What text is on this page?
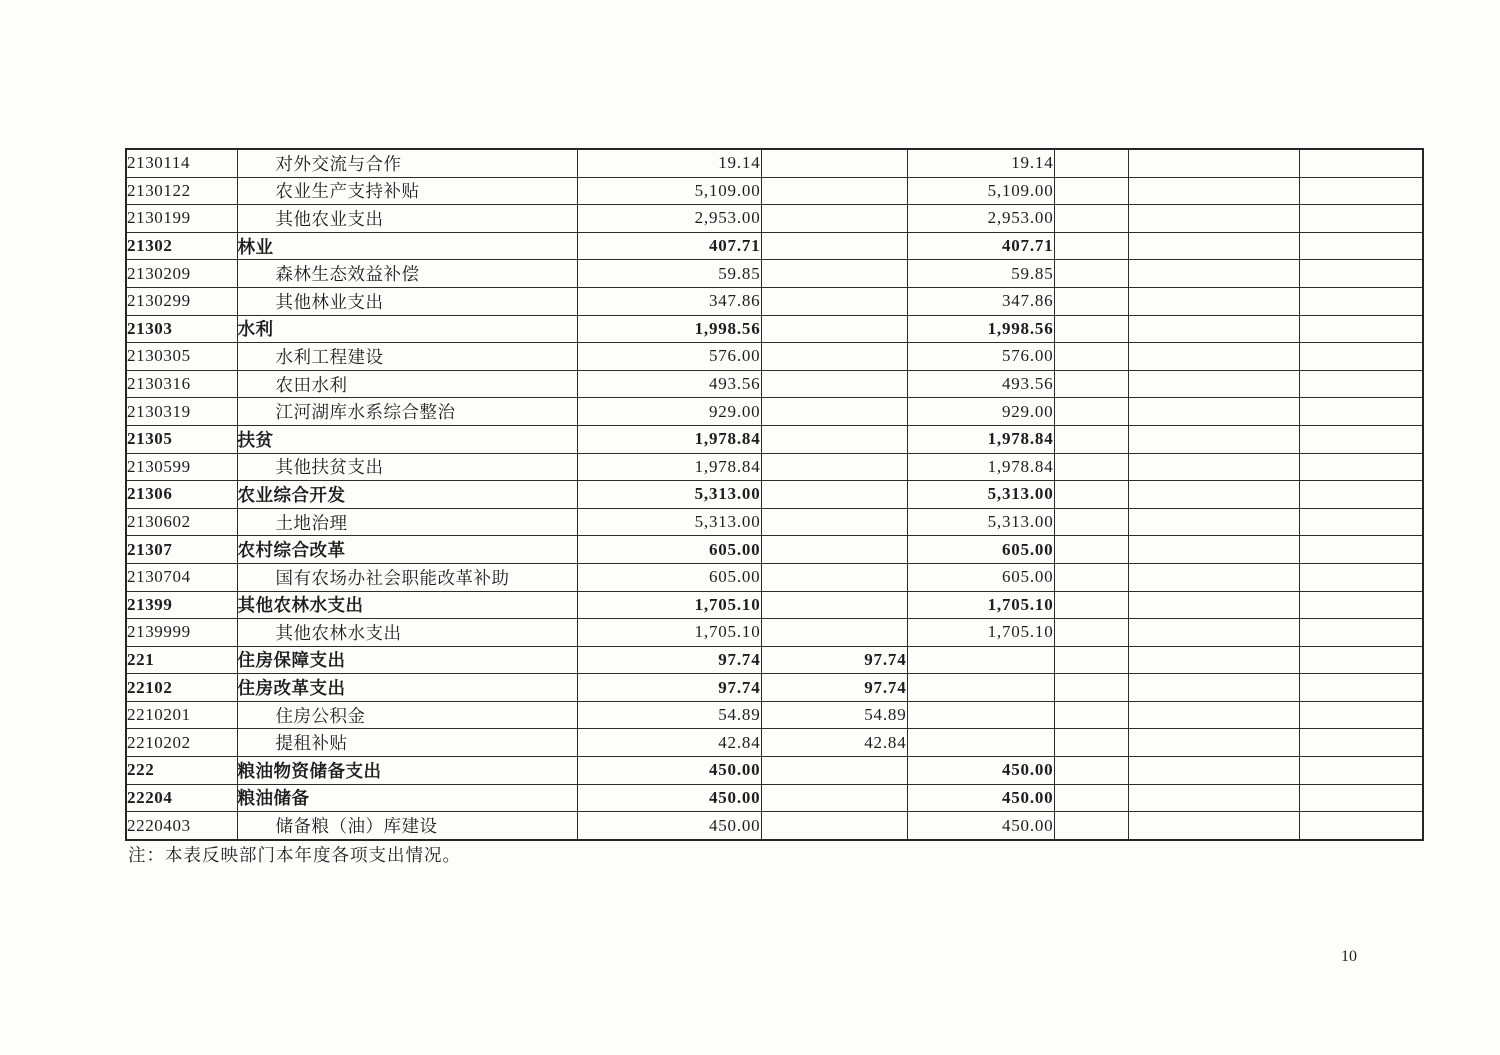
2130114	对外交流与合作	19.14		19.14			
2130122	农业生产支持补贴	5,109.00		5,109.00			
2130199	其他农业支出	2,953.00		2,953.00			
21302	林业	407.71		407.71			
2130209	森林生态效益补偿	59.85		59.85			
2130299	其他林业支出	347.86		347.86			
21303	水利	1,998.56		1,998.56			
2130305	水利工程建设	576.00		576.00			
2130316	农田水利	493.56		493.56			
2130319	江河湖库水系综合整治	929.00		929.00			
21305	扶贫	1,978.84		1,978.84			
2130599	其他扶贫支出	1,978.84		1,978.84			
21306	农业综合开发	5,313.00		5,313.00			
2130602	土地治理	5,313.00		5,313.00			
21307	农村综合改革	605.00		605.00			
2130704	国有农场办社会职能改革补助	605.00		605.00			
21399	其他农林水支出	1,705.10		1,705.10			
2139999	其他农林水支出	1,705.10		1,705.10			
221	住房保障支出	97.74	97.74				
22102	住房改革支出	97.74	97.74				
2210201	住房公积金	54.89	54.89				
2210202	提租补贴	42.84	42.84				
222	粮油物资储备支出	450.00		450.00			
22204	粮油储备	450.00		450.00			
2220403	储备粮（油）库建设	450.00		450.00			
注：本表反映部门本年度各项支出情况。
10
